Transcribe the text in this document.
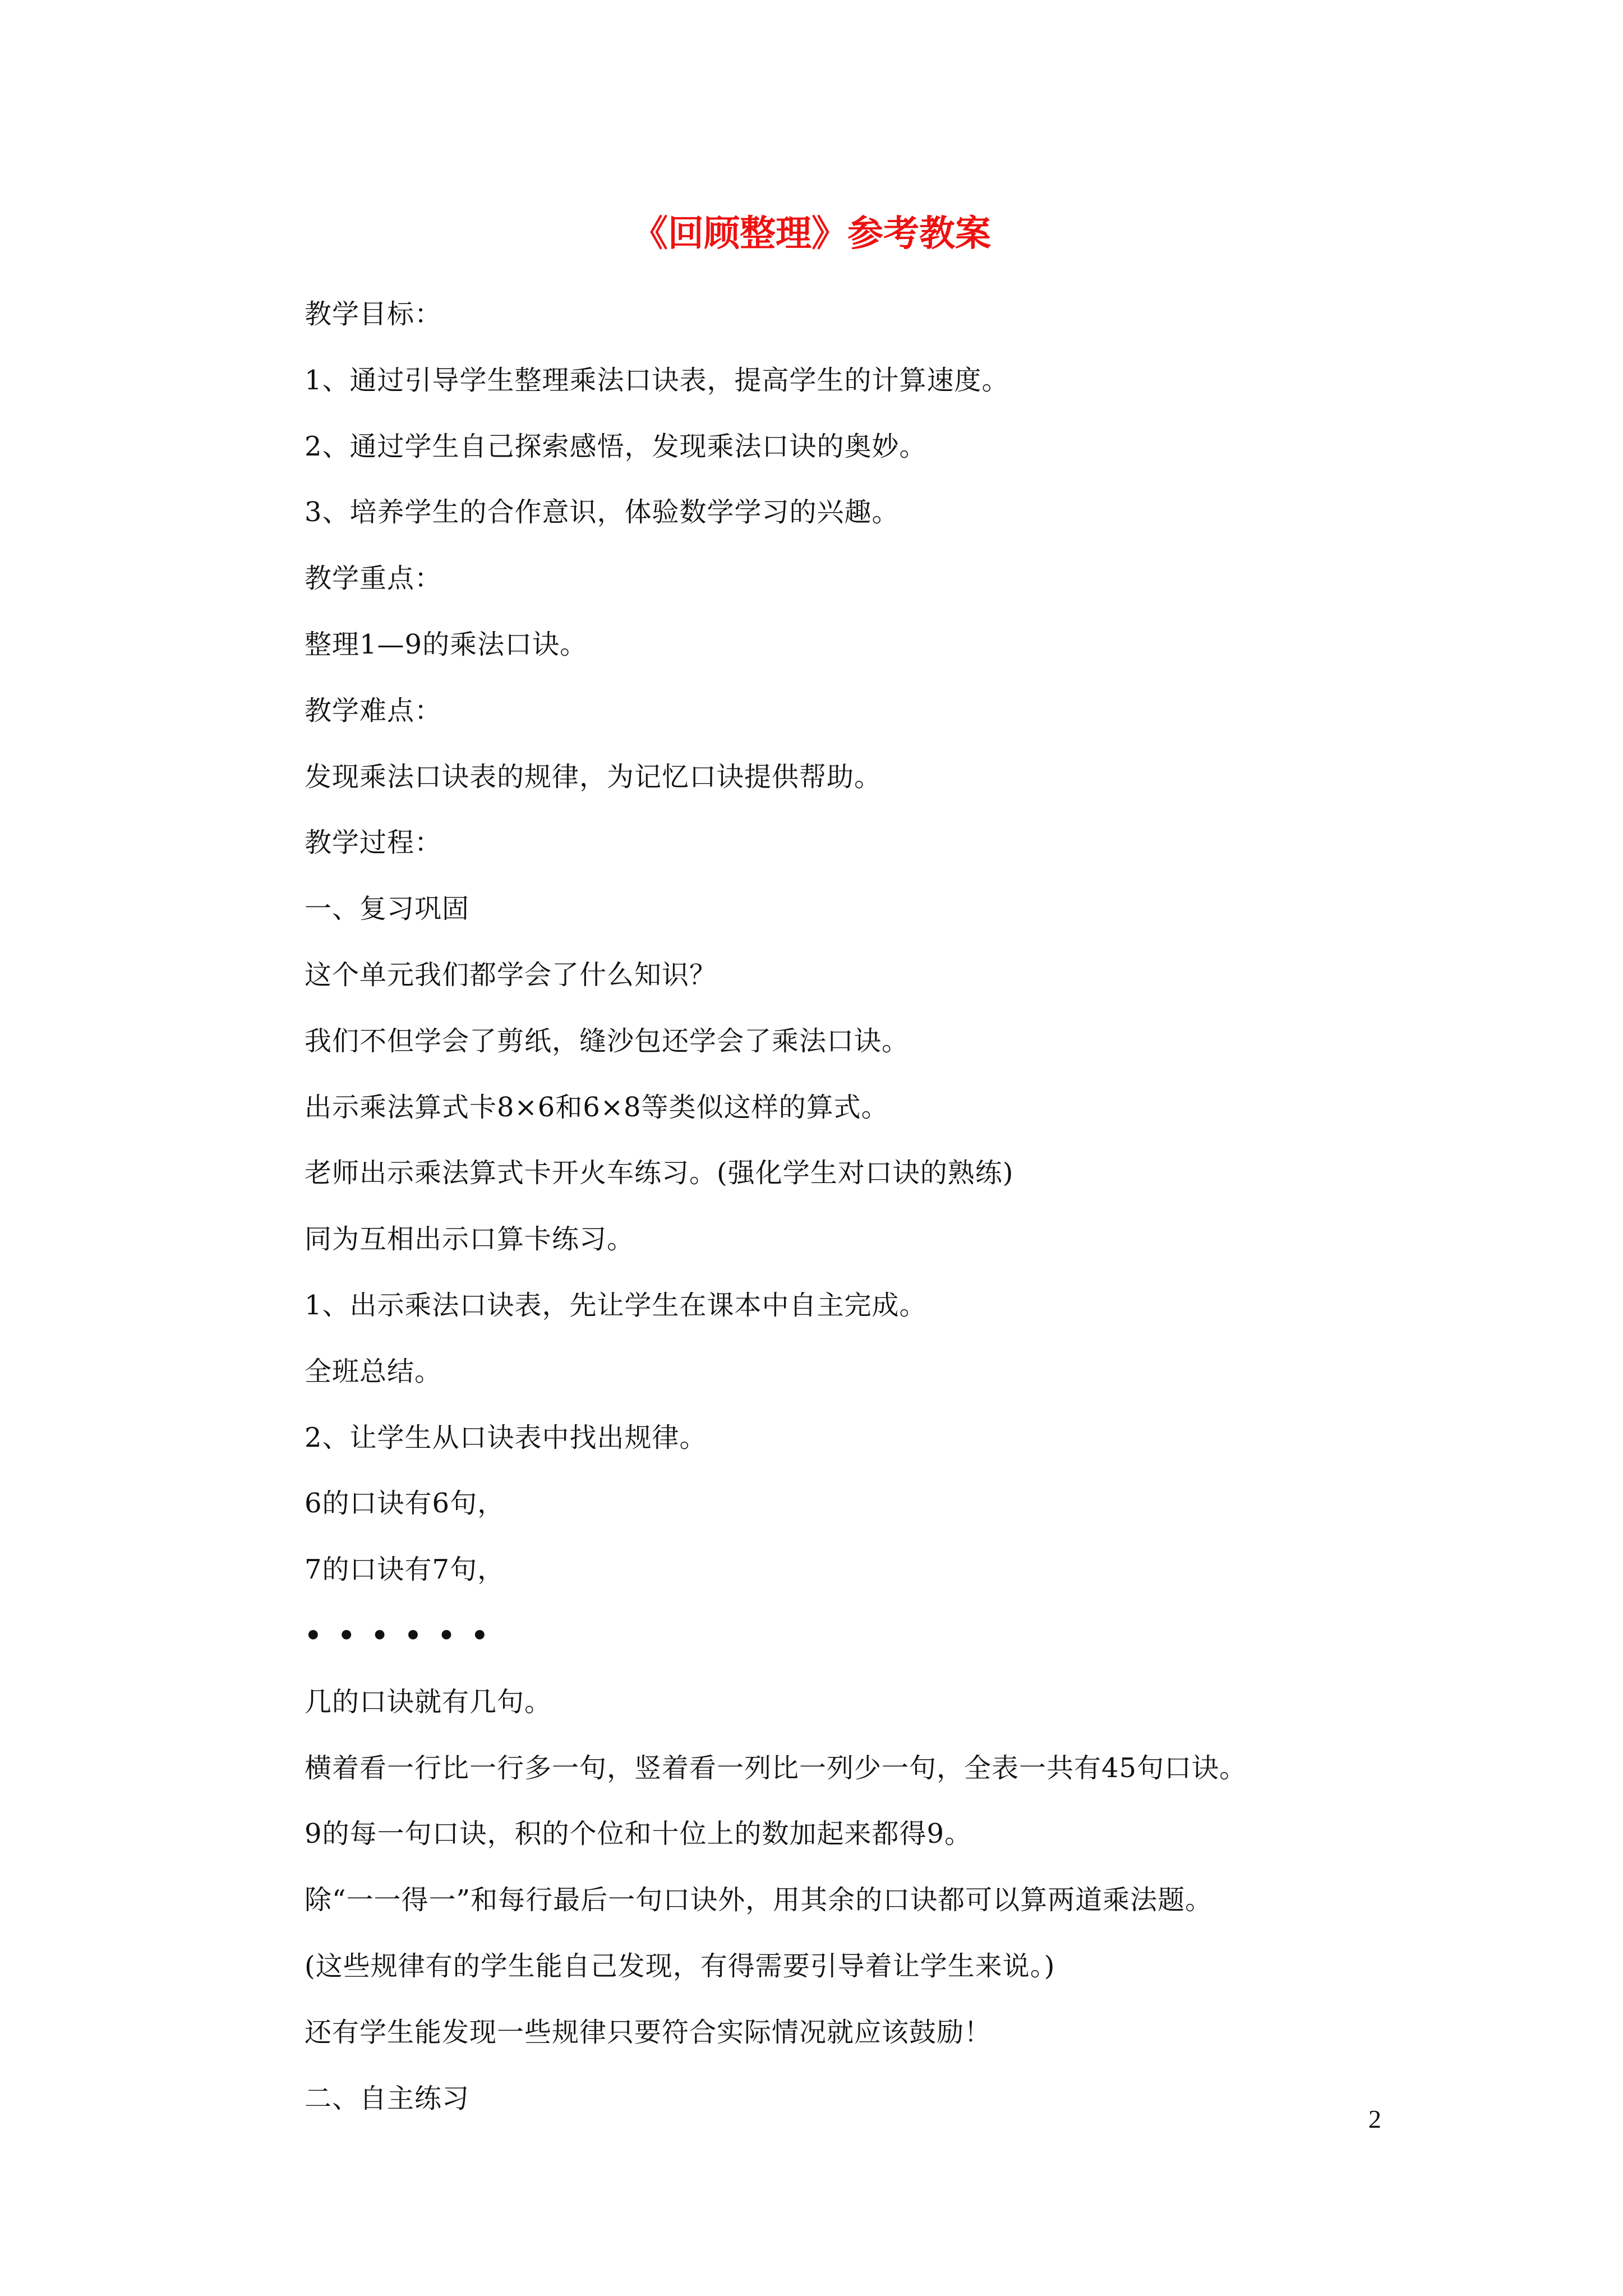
《回顾整理》参考教案
教学目标：
1、通过引导学生整理乘法口诀表，提高学生的计算速度。
2、通过学生自己探索感悟，发现乘法口诀的奥妙。
3、培养学生的合作意识，体验数学学习的兴趣。
教学重点：
整理1—9的乘法口诀。
教学难点：
发现乘法口诀表的规律，为记忆口诀提供帮助。
教学过程：
一、复习巩固
这个单元我们都学会了什么知识？
我们不但学会了剪纸，缝沙包还学会了乘法口诀。
出示乘法算式卡8×6和6×8等类似这样的算式。
老师出示乘法算式卡开火车练习。(强化学生对口诀的熟练)
同为互相出示口算卡练习。
1、出示乘法口诀表，先让学生在课本中自主完成。
全班总结。
2、让学生从口诀表中找出规律。
6的口诀有6句，
7的口诀有7句，
• • • • • •
几的口诀就有几句。
横着看一行比一行多一句，竖着看一列比一列少一句，全表一共有45句口诀。
9的每一句口诀，积的个位和十位上的数加起来都得9。
除“一一得一”和每行最后一句口诀外，用其余的口诀都可以算两道乘法题。
(这些规律有的学生能自己发现，有得需要引导着让学生来说。)
还有学生能发现一些规律只要符合实际情况就应该鼓励！
二、自主练习
2
